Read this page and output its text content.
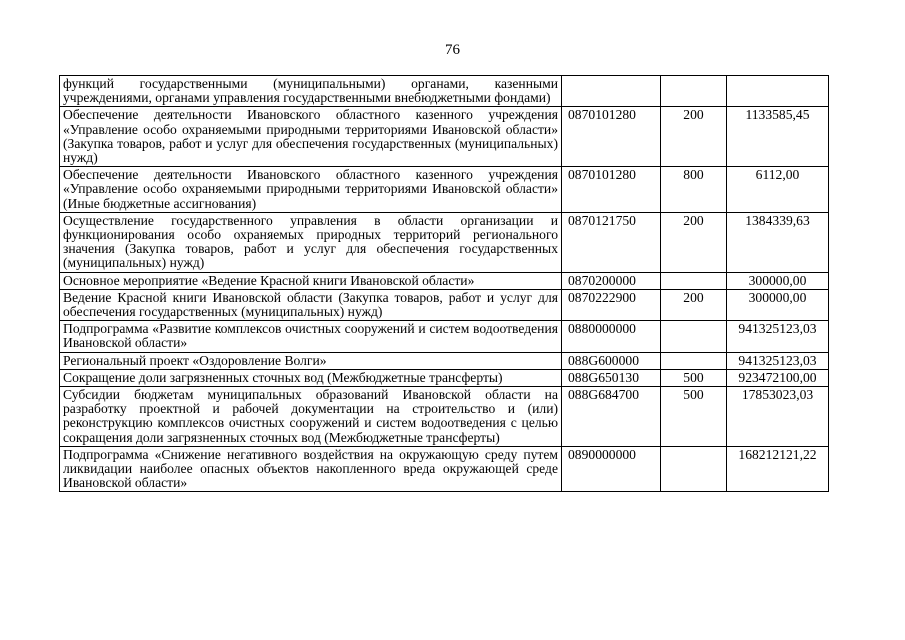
76
функций государственными (муниципальными) органами, казенными учреждениями, органами управления государственными внебюджетными фондами)			
Обеспечение деятельности Ивановского областного казенного учреждения «Управление особо охраняемыми природными территориями Ивановской области» (Закупка товаров, работ и услуг для обеспечения государственных (муниципальных) нужд)	0870101280	200	1133585,45
Обеспечение деятельности Ивановского областного казенного учреждения «Управление особо охраняемыми природными территориями Ивановской области» (Иные бюджетные ассигнования)	0870101280	800	6112,00
Осуществление государственного управления в области организации и функционирования особо охраняемых природных территорий регионального значения (Закупка товаров, работ и услуг для обеспечения государственных (муниципальных) нужд)	0870121750	200	1384339,63
Основное мероприятие «Ведение Красной книги Ивановской области»	0870200000		300000,00
Ведение Красной книги Ивановской области (Закупка товаров, работ и услуг для обеспечения государственных (муниципальных) нужд)	0870222900	200	300000,00
Подпрограмма «Развитие комплексов очистных сооружений и систем водоотведения Ивановской области»	0880000000		941325123,03
Региональный проект «Оздоровление Волги»	088G600000		941325123,03
Сокращение доли загрязненных сточных вод (Межбюджетные трансферты)	088G650130	500	923472100,00
Субсидии бюджетам муниципальных образований Ивановской области на разработку проектной и рабочей документации на строительство и (или) реконструкцию комплексов очистных сооружений и систем водоотведения с целью сокращения доли загрязненных сточных вод (Межбюджетные трансферты)	088G684700	500	17853023,03
Подпрограмма «Снижение негативного воздействия на окружающую среду путем ликвидации наиболее опасных объектов накопленного вреда окружающей среде Ивановской области»	0890000000		168212121,22
